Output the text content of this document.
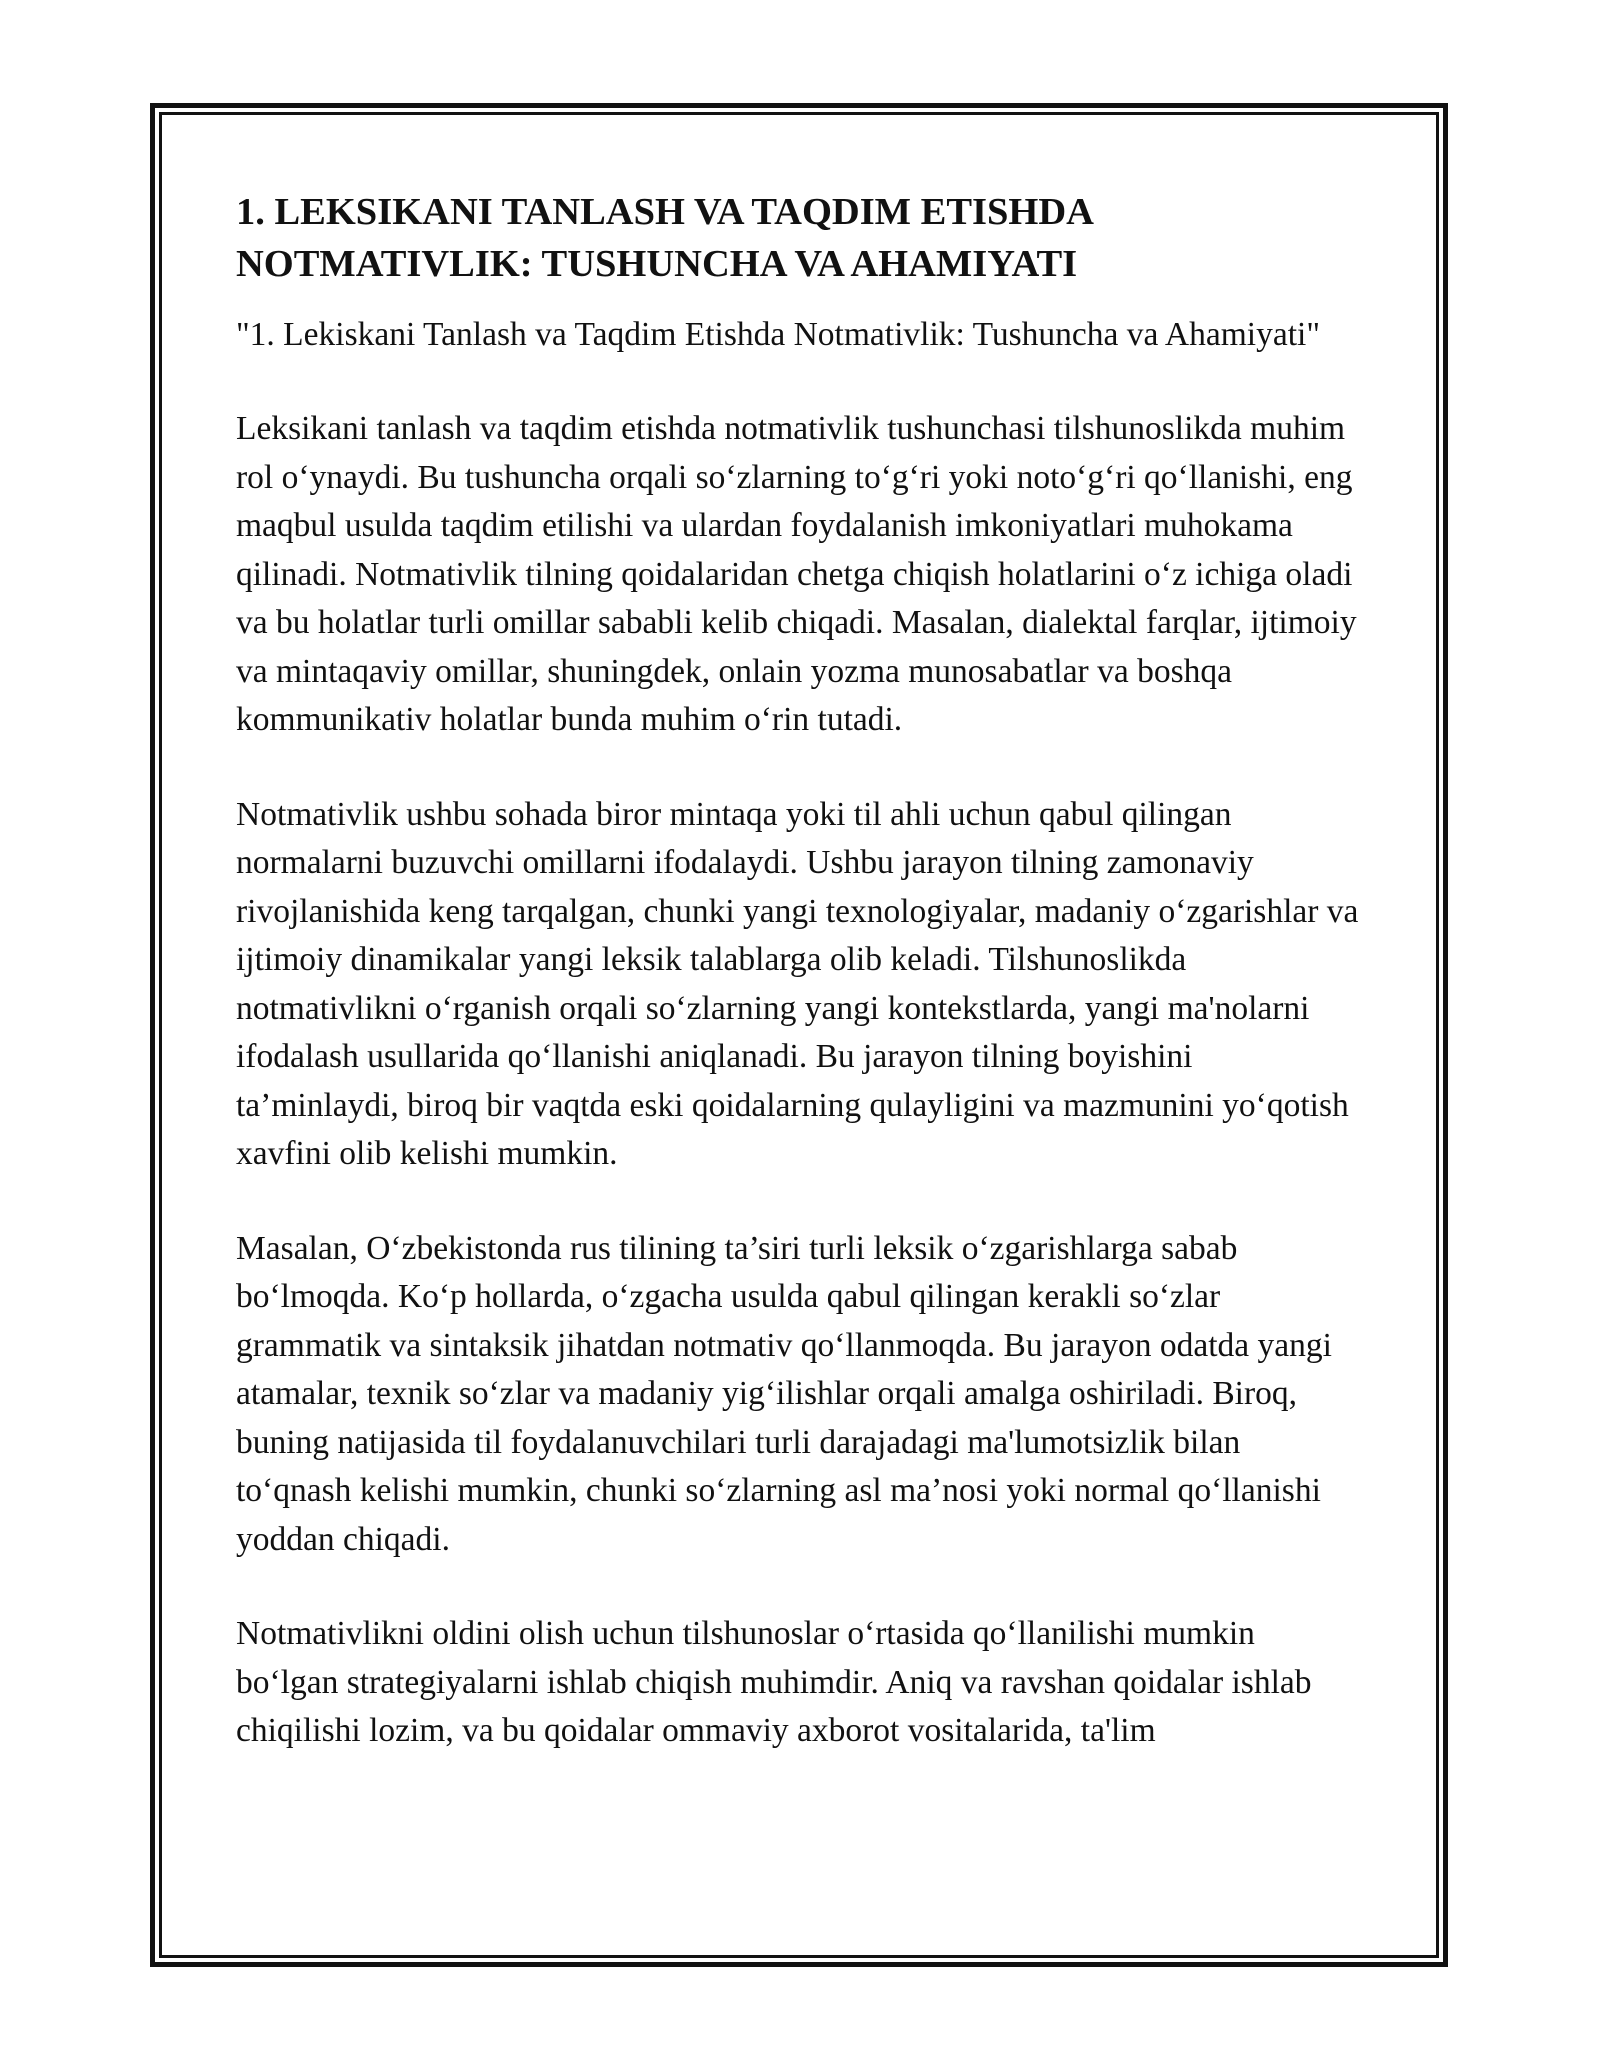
1. LEKSIKANI TANLASH VA TAQDIM ETISHDA NOTMATIVLIK: TUSHUNCHA VA AHAMIYATI

"1. Lekiskani Tanlash va Taqdim Etishda Notmativlik: Tushuncha va Ahamiyati"

Leksikani tanlash va taqdim etishda notmativlik tushunchasi tilshunoslikda muhim rol o‘ynaydi. Bu tushuncha orqali so‘zlarning to‘g‘ri yoki noto‘g‘ri qo‘llanishi, eng maqbul usulda taqdim etilishi va ulardan foydalanish imkoniyatlari muhokama qilinadi. Notmativlik tilning qoidalaridan chetga chiqish holatlarini o‘z ichiga oladi va bu holatlar turli omillar sababli kelib chiqadi. Masalan, dialektal farqlar, ijtimoiy va mintaqaviy omillar, shuningdek, onlain yozma munosabatlar va boshqa kommunikativ holatlar bunda muhim o‘rin tutadi.

Notmativlik ushbu sohada biror mintaqa yoki til ahli uchun qabul qilingan normalarni buzuvchi omillarni ifodalaydi. Ushbu jarayon tilning zamonaviy rivojlanishida keng tarqalgan, chunki yangi texnologiyalar, madaniy o‘zgarishlar va ijtimoiy dinamikalar yangi leksik talablarga olib keladi. Tilshunoslikda notmativlikni o‘rganish orqali so‘zlarning yangi kontekstlarda, yangi ma'nolarni ifodalash usullarida qo‘llanishi aniqlanadi. Bu jarayon tilning boyishini ta’minlaydi, biroq bir vaqtda eski qoidalarning qulayligini va mazmunini yo‘qotish xavfini olib kelishi mumkin.

Masalan, O‘zbekistonda rus tilining ta’siri turli leksik o‘zgarishlarga sabab bo‘lmoqda. Ko‘p hollarda, o‘zgacha usulda qabul qilingan kerakli so‘zlar grammatik va sintaksik jihatdan notmativ qo‘llanmoqda. Bu jarayon odatda yangi atamalar, texnik so‘zlar va madaniy yig‘ilishlar orqali amalga oshiriladi. Biroq, buning natijasida til foydalanuvchilari turli darajadagi ma'lumotsizlik bilan to‘qnash kelishi mumkin, chunki so‘zlarning asl ma’nosi yoki normal qo‘llanishi yoddan chiqadi.

Notmativlikni oldini olish uchun tilshunoslar o‘rtasida qo‘llanilishi mumkin bo‘lgan strategiyalarni ishlab chiqish muhimdir. Aniq va ravshan qoidalar ishlab chiqilishi lozim, va bu qoidalar ommaviy axborot vositalarida, ta'lim
